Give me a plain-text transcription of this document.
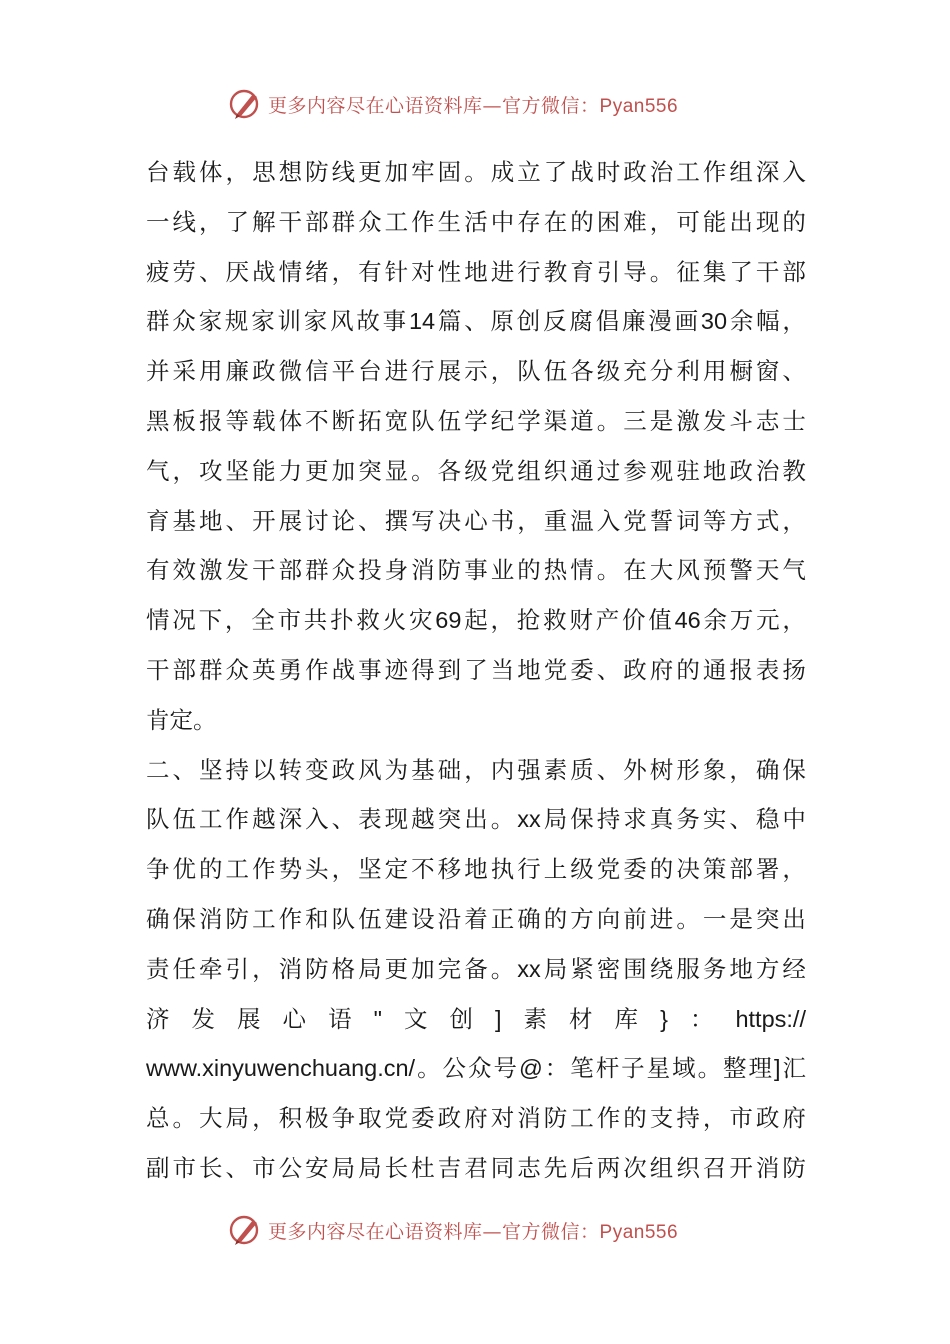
更多内容尽在心语资料库—官方微信：Pyan556
台 载 体 ， 思 想 防 线 更 加 牢 固 。 成 立 了 战 时 政 治 工 作 组 深 入
一 线 ， 了 解 干 部 群 众 工 作 生 活 中 存 在 的 困 难 ， 可 能 出 现 的
疲 劳 、 厌 战 情 绪 ， 有 针 对 性 地 进 行 教 育 引 导 。 征 集 了 干 部
群 众 家 规 家 训 家 风 故 事 14 篇 、 原 创 反 腐 倡 廉 漫 画 30 余 幅 ，
并 采 用 廉 政 微 信 平 台 进 行 展 示 ， 队 伍 各 级 充 分 利 用 橱 窗 、
黑 板 报 等 载 体 不 断 拓 宽 队 伍 学 纪 学 渠 道 。 三 是 激 发 斗 志 士
气 ， 攻 坚 能 力 更 加 突 显 。 各 级 党 组 织 通 过 参 观 驻 地 政 治 教
育 基 地 、 开 展 讨 论 、 撰 写 决 心 书 ， 重 温 入 党 誓 词 等 方 式 ，
有 效 激 发 干 部 群 众 投 身 消 防 事 业 的 热 情 。 在 大 风 预 警 天 气
情 况 下 ， 全 市 共 扑 救 火 灾 69 起 ， 抢 救 财 产 价 值 46 余 万 元 ，
干 部 群 众 英 勇 作 战 事 迹 得 到 了 当 地 党 委 、 政 府 的 通 报 表 扬
肯定。
二 、 坚 持 以 转 变 政 风 为 基 础 ， 内 强 素 质 、 外 树 形 象 ， 确 保
队 伍 工 作 越 深 入 、 表 现 越 突 出 。 xx 局 保 持 求 真 务 实 、 稳 中
争 优 的 工 作 势 头 ， 坚 定 不 移 地 执 行 上 级 党 委 的 决 策 部 署 ，
确 保 消 防 工 作 和 队 伍 建 设 沿 着 正 确 的 方 向 前 进 。 一 是 突 出
责 任 牵 引 ， 消 防 格 局 更 加 完 备 。 xx 局 紧 密 围 绕 服 务 地 方 经
济 发 展 心 语 " 文 创 ] 素 材 库 } ： https://
www.xinyuwenchuang.cn/ 。 公 众 号 @ ： 笔 杆 子 星 域 。 整 理 ] 汇
总 。 大 局 ， 积 极 争 取 党 委 政 府 对 消 防 工 作 的 支 持 ， 市 政 府
副 市 长 、 市 公 安 局 局 长 杜 吉 君 同 志 先 后 两 次 组 织 召 开 消 防
更多内容尽在心语资料库—官方微信：Pyan556
